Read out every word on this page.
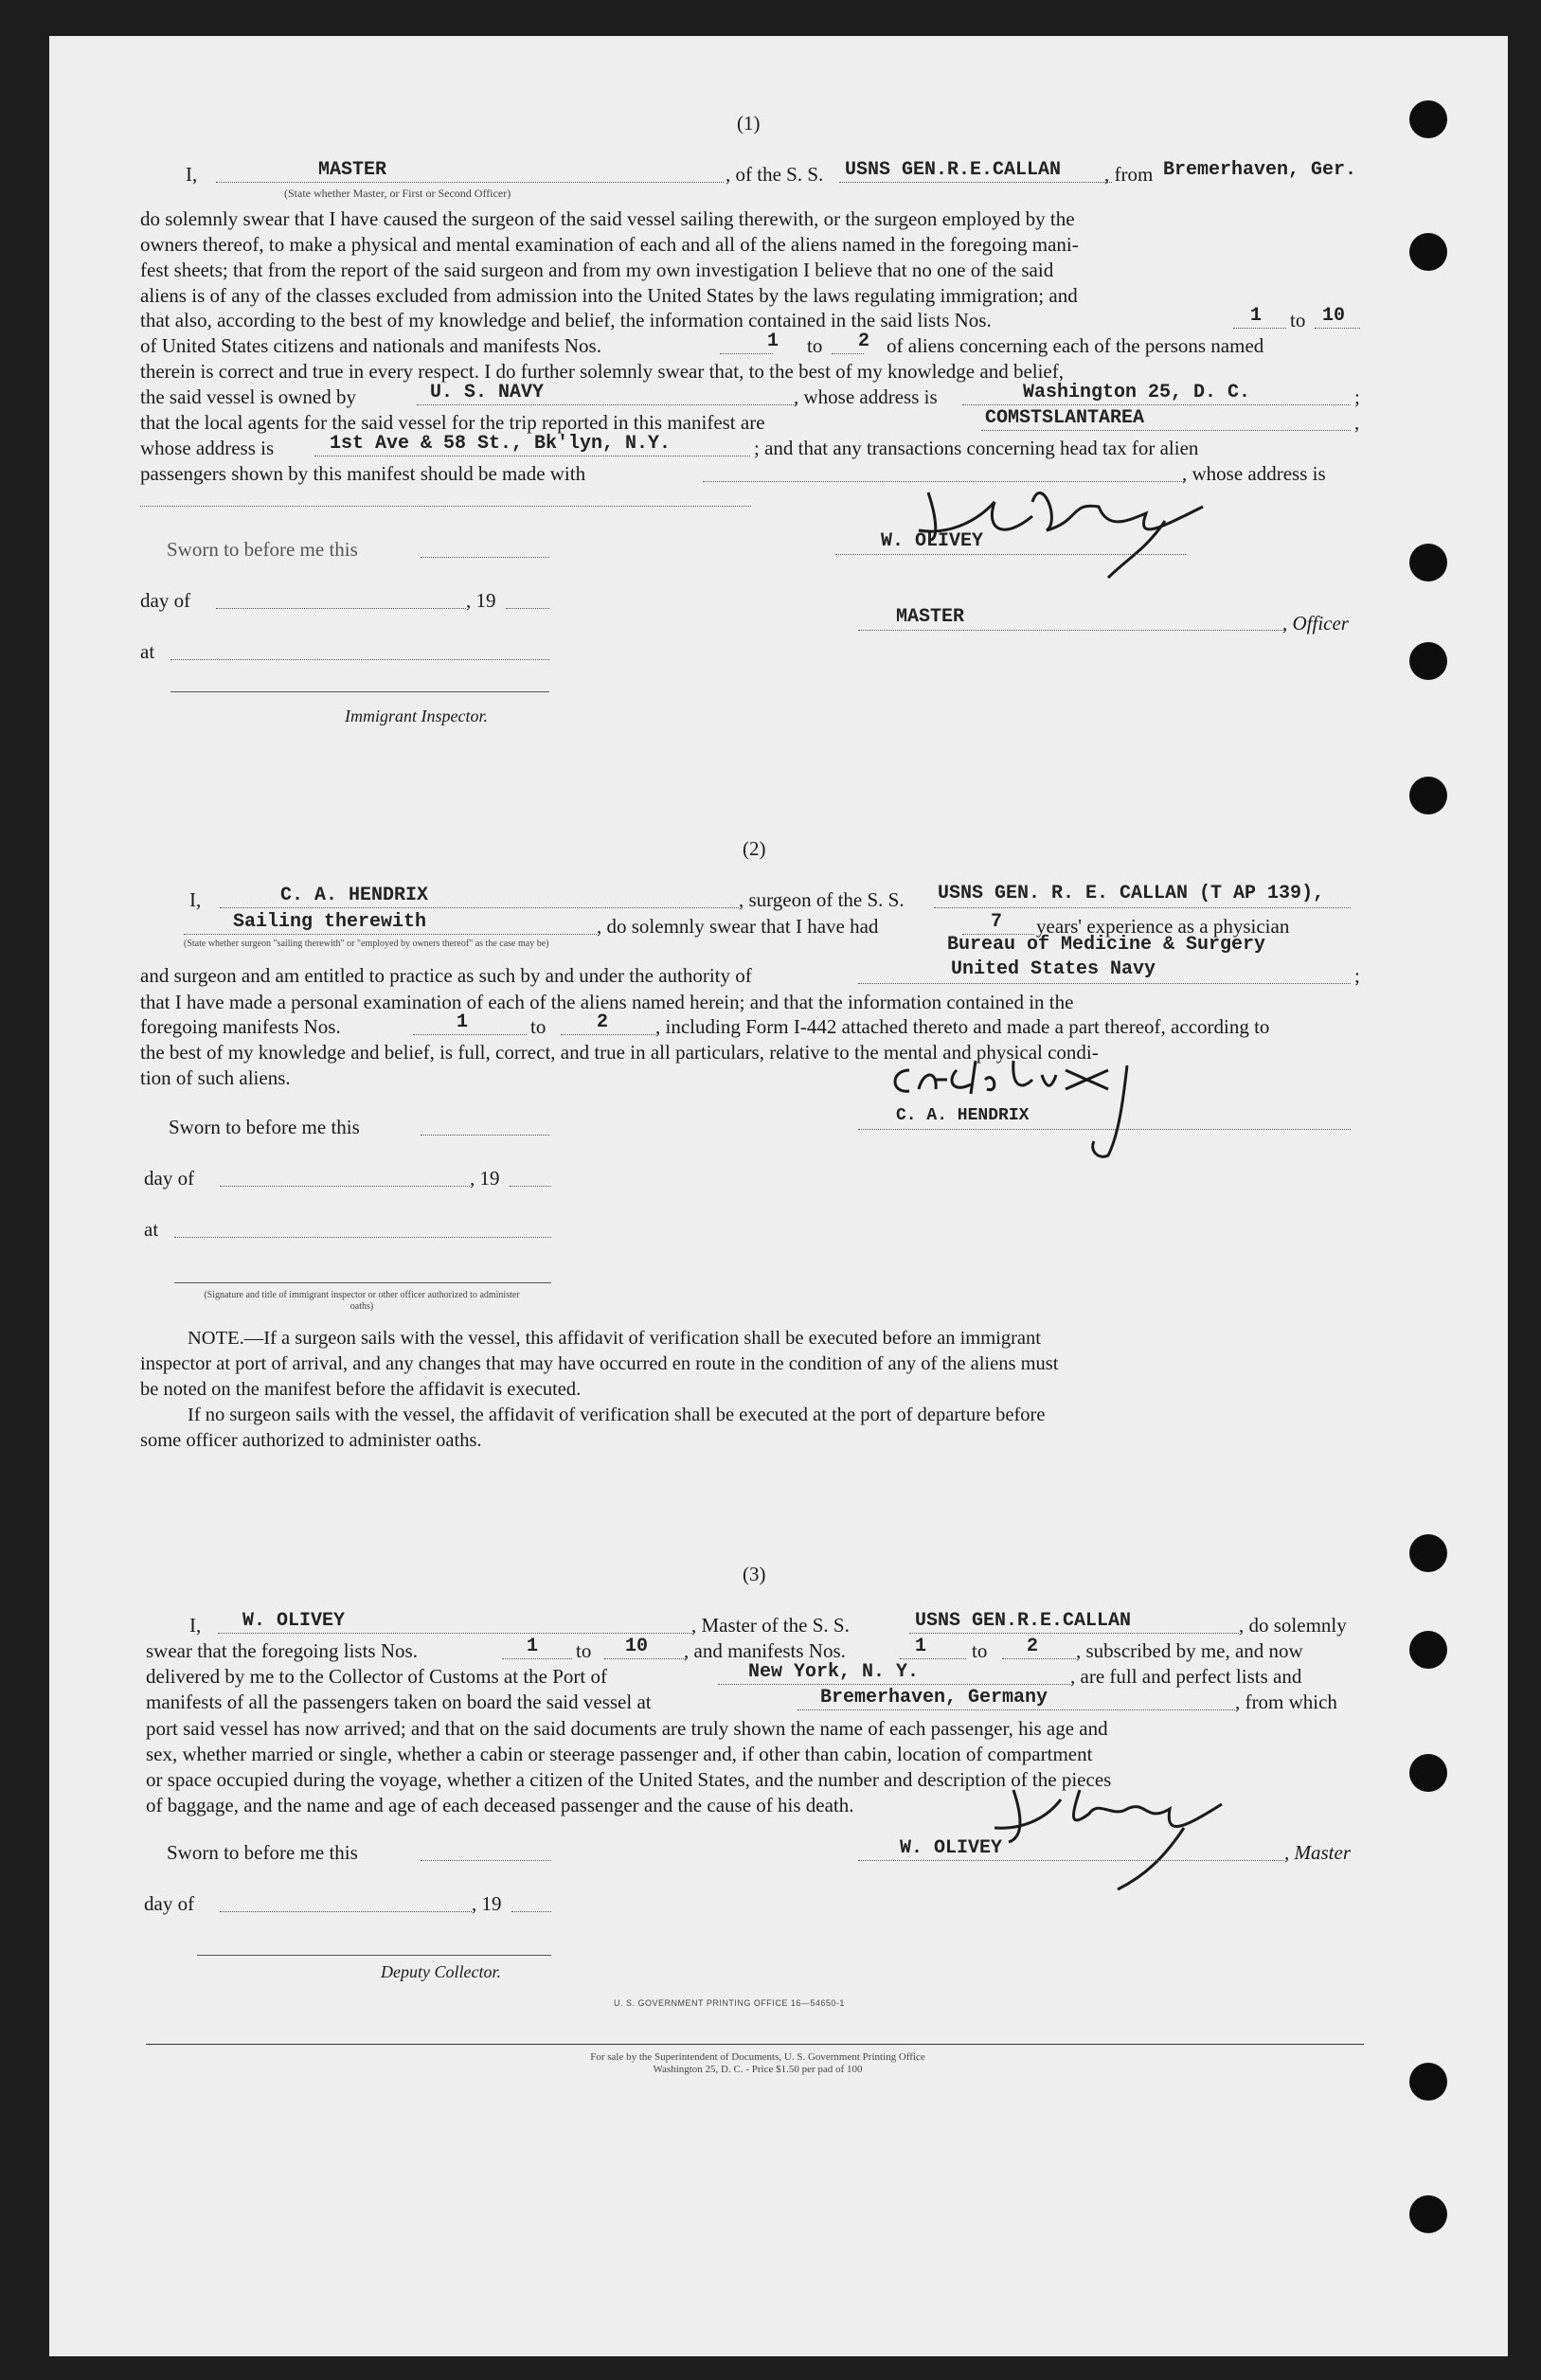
(1)
I,	MASTER
(State whether Master, or First or Second Officer)
, of the S. S. USNS GEN.R.E.CALLAN , from Bremerhaven, Ger.
do solemnly swear that I have caused the surgeon of the said vessel sailing therewith, or the surgeon employed by the
owners thereof, to make a physical and mental examination of each and all of the aliens named in the foregoing mani-
fest sheets; that from the report of the said surgeon and from my own investigation I believe that no one of the said
aliens is of any of the classes excluded from admission into the United States by the laws regulating immigration; and
that also, according to the best of my knowledge and belief, the information contained in the said lists Nos.	1 to 10
of United States citizens and nationals and manifests Nos.	1 to 2 of aliens concerning each of the persons named
therein is correct and true in every respect. I do further solemnly swear that, to the best of my knowledge and belief,
the said vessel is owned by	U. S. NAVY	, whose address is	Washington 25, D. C.	;
that the local agents for the said vessel for the trip reported in this manifest are	COMSTSLANTAREA	,
whose address is	1st Ave & 58 St., Bk'lyn, N.Y.	; and that any transactions concerning head tax for alien
passengers shown by this manifest should be made with	, whose address is
Sworn to before me this
day of	, 19
at
Immigrant Inspector.
W. OLIVEY
MASTER	, Officer
(2)
I,	C. A. HENDRIX	, surgeon of the S. S. USNS GEN. R. E. CALLAN (T AP 139),
Sailing therewith	, do solemnly swear that I have had	7 years' experience as a physician
(State whether surgeon "sailing therewith" or "employed by owners thereof" as the case may be)	Bureau of Medicine & Surgery
and surgeon and am entitled to practice as such by and under the authority of	United States Navy	;
that I have made a personal examination of each of the aliens named herein; and that the information contained in the
foregoing manifests Nos.	1	to	2 , including Form I-442 attached thereto and made a part thereof, according to
the best of my knowledge and belief, is full, correct, and true in all particulars, relative to the mental and physical condi-
tion of such aliens.
C. A. HENDRIX
Sworn to before me this
day of	, 19
at
(Signature and title of immigrant inspector or other officer authorized to administer oaths)
NOTE.—If a surgeon sails with the vessel, this affidavit of verification shall be executed before an immigrant
inspector at port of arrival, and any changes that may have occurred en route in the condition of any of the aliens must
be noted on the manifest before the affidavit is executed.
If no surgeon sails with the vessel, the affidavit of verification shall be executed at the port of departure before
some officer authorized to administer oaths.
(3)
I, W. OLIVEY	, Master of the S. S.	USNS GEN.R.E.CALLAN	, do solemnly
swear that the foregoing lists Nos.	1 to 10 , and manifests Nos.	1 to 2 , subscribed by me, and now
delivered by me to the Collector of Customs at the Port of	New York, N. Y.	, are full and perfect lists and
manifests of all the passengers taken on board the said vessel at	Bremerhaven, Germany	, from which
port said vessel has now arrived; and that on the said documents are truly shown the name of each passenger, his age and
sex, whether married or single, whether a cabin or steerage passenger and, if other than cabin, location of compartment
or space occupied during the voyage, whether a citizen of the United States, and the number and description of the pieces
of baggage, and the name and age of each deceased passenger and the cause of his death.
Sworn to before me this
day of	, 19
Deputy Collector.
W. OLIVEY	, Master
U. S. GOVERNMENT PRINTING OFFICE 16—54650-1
For sale by the Superintendent of Documents, U. S. Government Printing Office
Washington 25, D. C. - Price $1.50 per pad of 100
